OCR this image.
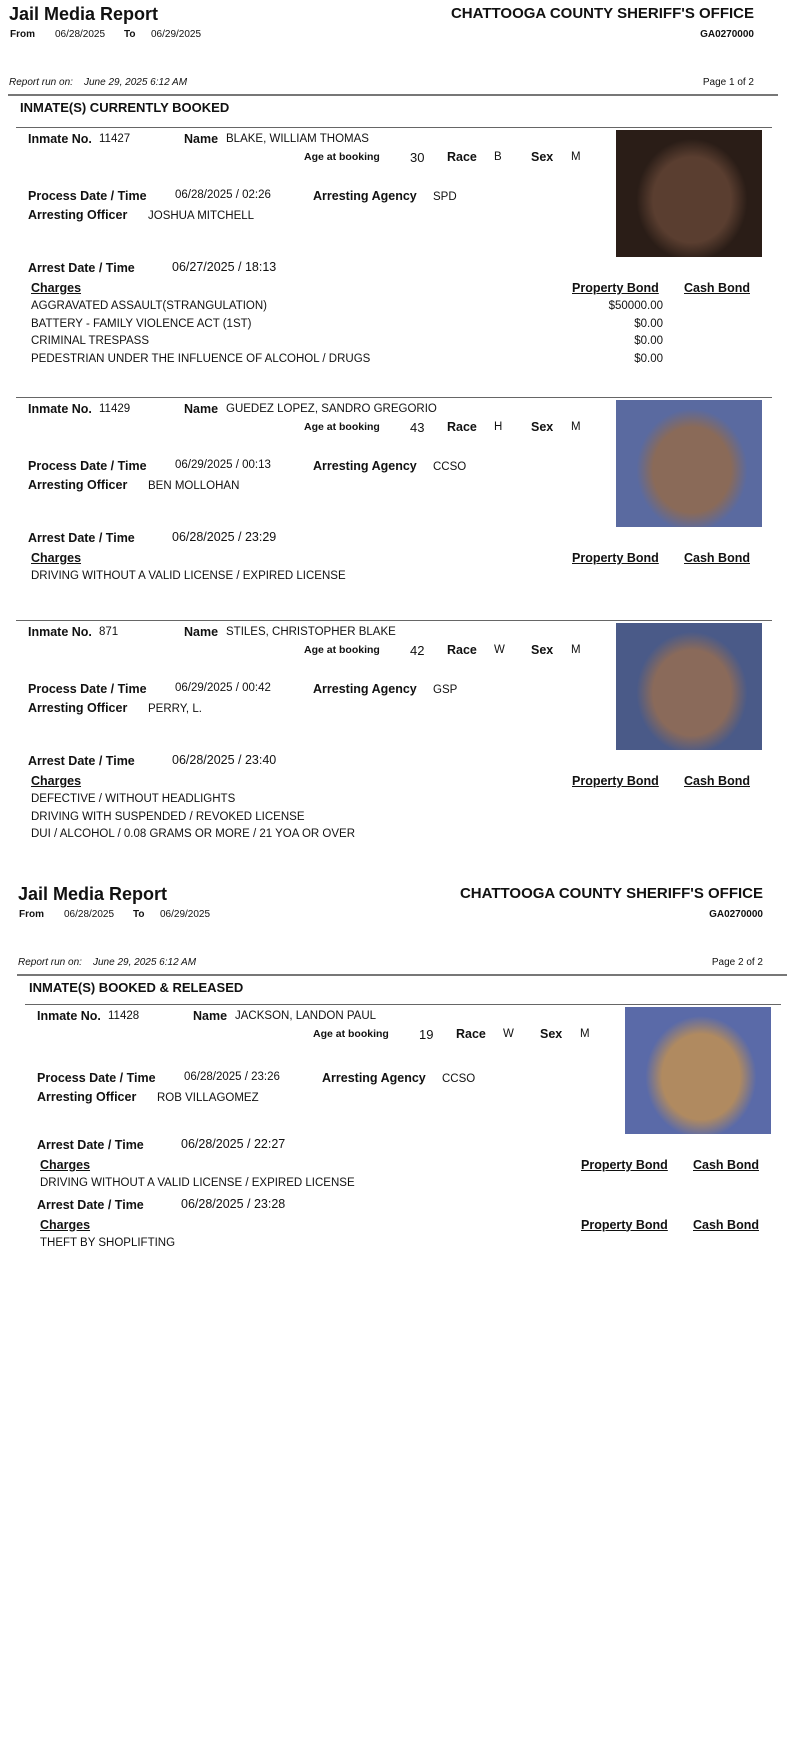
Jail Media Report
From 06/28/2025 To 06/29/2025
CHATTOOGA COUNTY SHERIFF'S OFFICE
GA0270000
Report run on: June 29, 2025 6:12 AM	Page 1 of 2
INMATE(S) CURRENTLY BOOKED
Jail Media Report
From 06/28/2025 To 06/29/2025
CHATTOOGA COUNTY SHERIFF'S OFFICE
GA0270000
Report run on: June 29, 2025 6:12 AM	Page 2 of 2
INMATE(S) BOOKED & RELEASED
Inmate No. 11427	Name BLAKE, WILLIAM THOMAS
Age at booking 30 Race B Sex M
Process Date / Time 06/28/2025 / 02:26	Arresting Agency SPD
Arresting Officer JOSHUA MITCHELL
Arrest Date / Time	06/27/2025 / 18:13
Charges	Property Bond Cash Bond
AGGRAVATED ASSAULT(STRANGULATION)	$50000.00
BATTERY - FAMILY VIOLENCE ACT (1ST)	$0.00
CRIMINAL TRESPASS	$0.00
PEDESTRIAN UNDER THE INFLUENCE OF ALCOHOL / DRUGS	$0.00
Inmate No. 11429	Name GUEDEZ LOPEZ, SANDRO GREGORIO
Age at booking 43 Race H Sex M
Process Date / Time 06/29/2025 / 00:13	Arresting Agency CCSO
Arresting Officer BEN MOLLOHAN
Arrest Date / Time	06/28/2025 / 23:29
Charges	Property Bond Cash Bond
DRIVING WITHOUT A VALID LICENSE / EXPIRED LICENSE
Inmate No. 871	Name STILES, CHRISTOPHER BLAKE
Age at booking 42 Race W Sex M
Process Date / Time 06/29/2025 / 00:42	Arresting Agency GSP
Arresting Officer PERRY, L.
Arrest Date / Time	06/28/2025 / 23:40
Charges	Property Bond Cash Bond
DEFECTIVE / WITHOUT HEADLIGHTS
DRIVING WITH SUSPENDED / REVOKED LICENSE
DUI / ALCOHOL / 0.08 GRAMS OR MORE / 21 YOA OR OVER
Inmate No. 11428	Name JACKSON, LANDON PAUL
Age at booking 19 Race W Sex M
Process Date / Time 06/28/2025 / 23:26	Arresting Agency CCSO
Arresting Officer ROB VILLAGOMEZ
Arrest Date / Time	06/28/2025 / 22:27
Charges	Property Bond Cash Bond
DRIVING WITHOUT A VALID LICENSE / EXPIRED LICENSE
Arrest Date / Time	06/28/2025 / 23:28
Charges	Property Bond Cash Bond
THEFT BY SHOPLIFTING
